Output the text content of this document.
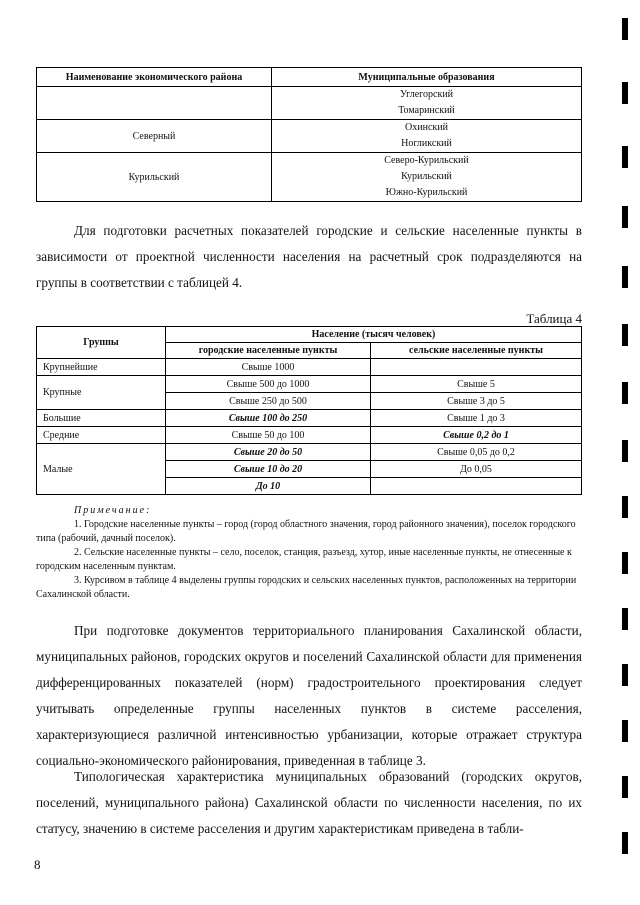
Наименование экономического района	Муниципальные образования

	Углегорский
Томаринский

Северный	Охинский
Ногликский

Курильский	Северо-Курильский
Курильский
Южно-Курильский
Для подготовки расчетных показателей городские и сельские населенные пункты в зависимости от проектной численности населения на расчетный срок подразделяются на группы в соответствии с таблицей 4.
Таблица 4
Группы	Население (тысяч человек)	
	городские населенные пункты	сельские населенные пункты
Крупнейшие	Свыше 1000	
Крупные	Свыше 500 до 1000	Свыше 5
	Свыше 250 до 500	Свыше 3 до 5
Большие	Свыше 100 до 250	Свыше 1 до 3
Средние	Свыше 50 до 100	Свыше 0,2 до 1
Малые	Свыше 20 до 50	Свыше 0,05 до 0,2
	Свыше 10 до 20	До 0,05
	До 10	
Примечание:
1. Городские населенные пункты – город (город областного значения, город районного значения), поселок городского типа (рабочий, дачный поселок).
2. Сельские населенные пункты – село, поселок, станция, разъезд, хутор, иные населенные пункты, не отнесенные к городским населенным пунктам.
3. Курсивом в таблице 4 выделены группы городских и сельских населенных пунктов, расположенных на территории Сахалинской области.
При подготовке документов территориального планирования Сахалинской области, муниципальных районов, городских округов и поселений Сахалинской области для применения дифференцированных показателей (норм) градостроительного проектирования следует учитывать определенные группы населенных пунктов в системе расселения, характеризующиеся различной интенсивностью урбанизации, которые отражает структура социально-экономического районирования, приведенная в таблице 3.
Типологическая характеристика муниципальных образований (городских округов, поселений, муниципального района) Сахалинской области по численности населения, по их статусу, значению в системе расселения и другим характеристикам приведена в табли-
8
